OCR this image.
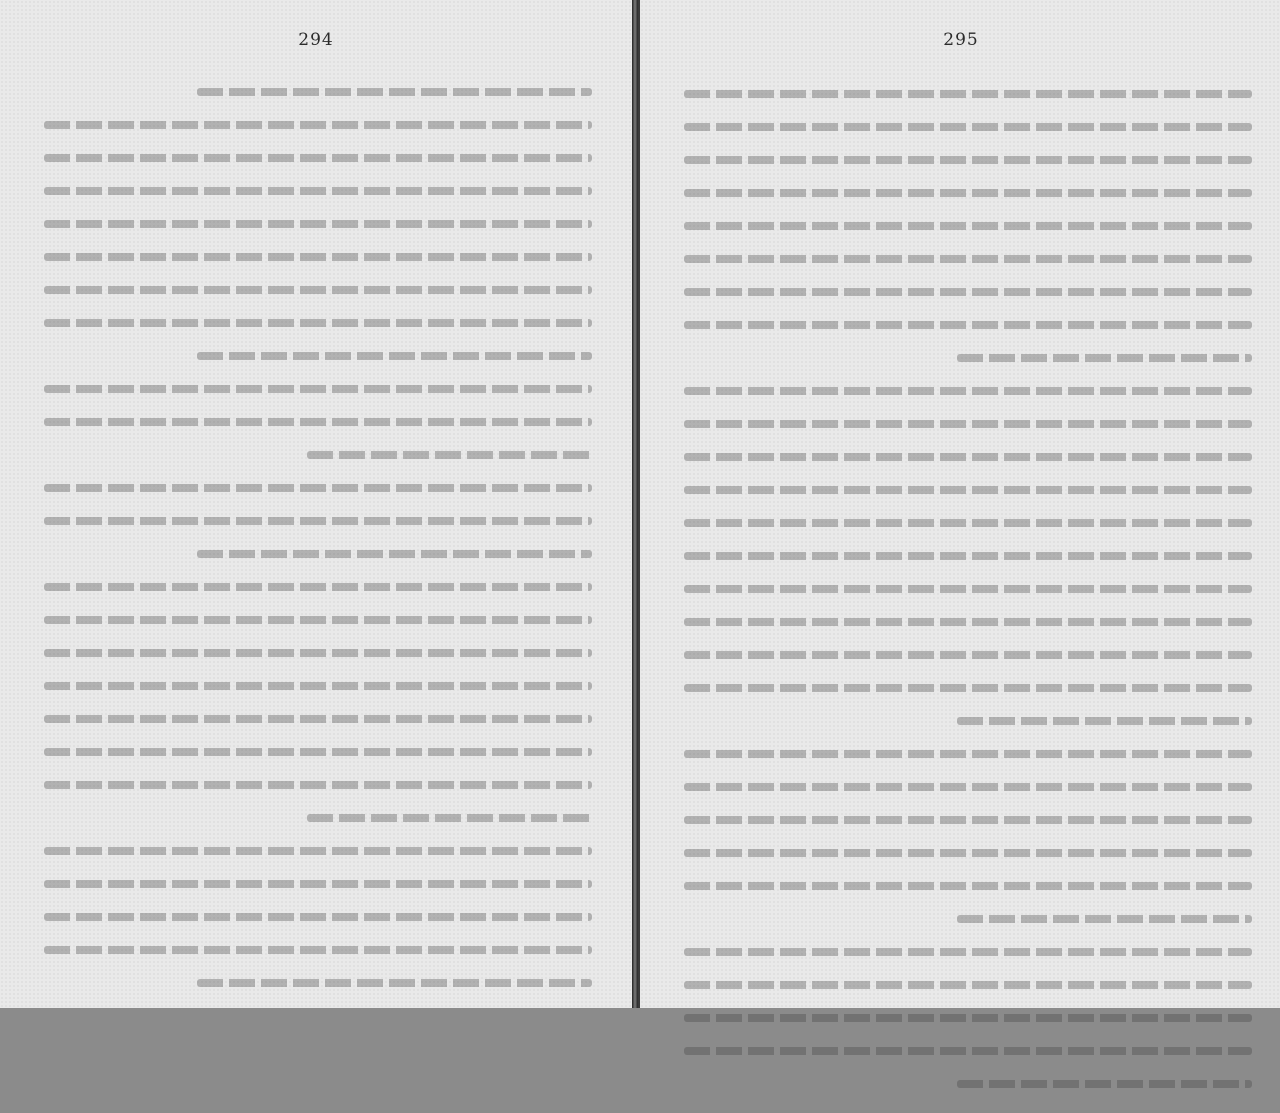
294	295
